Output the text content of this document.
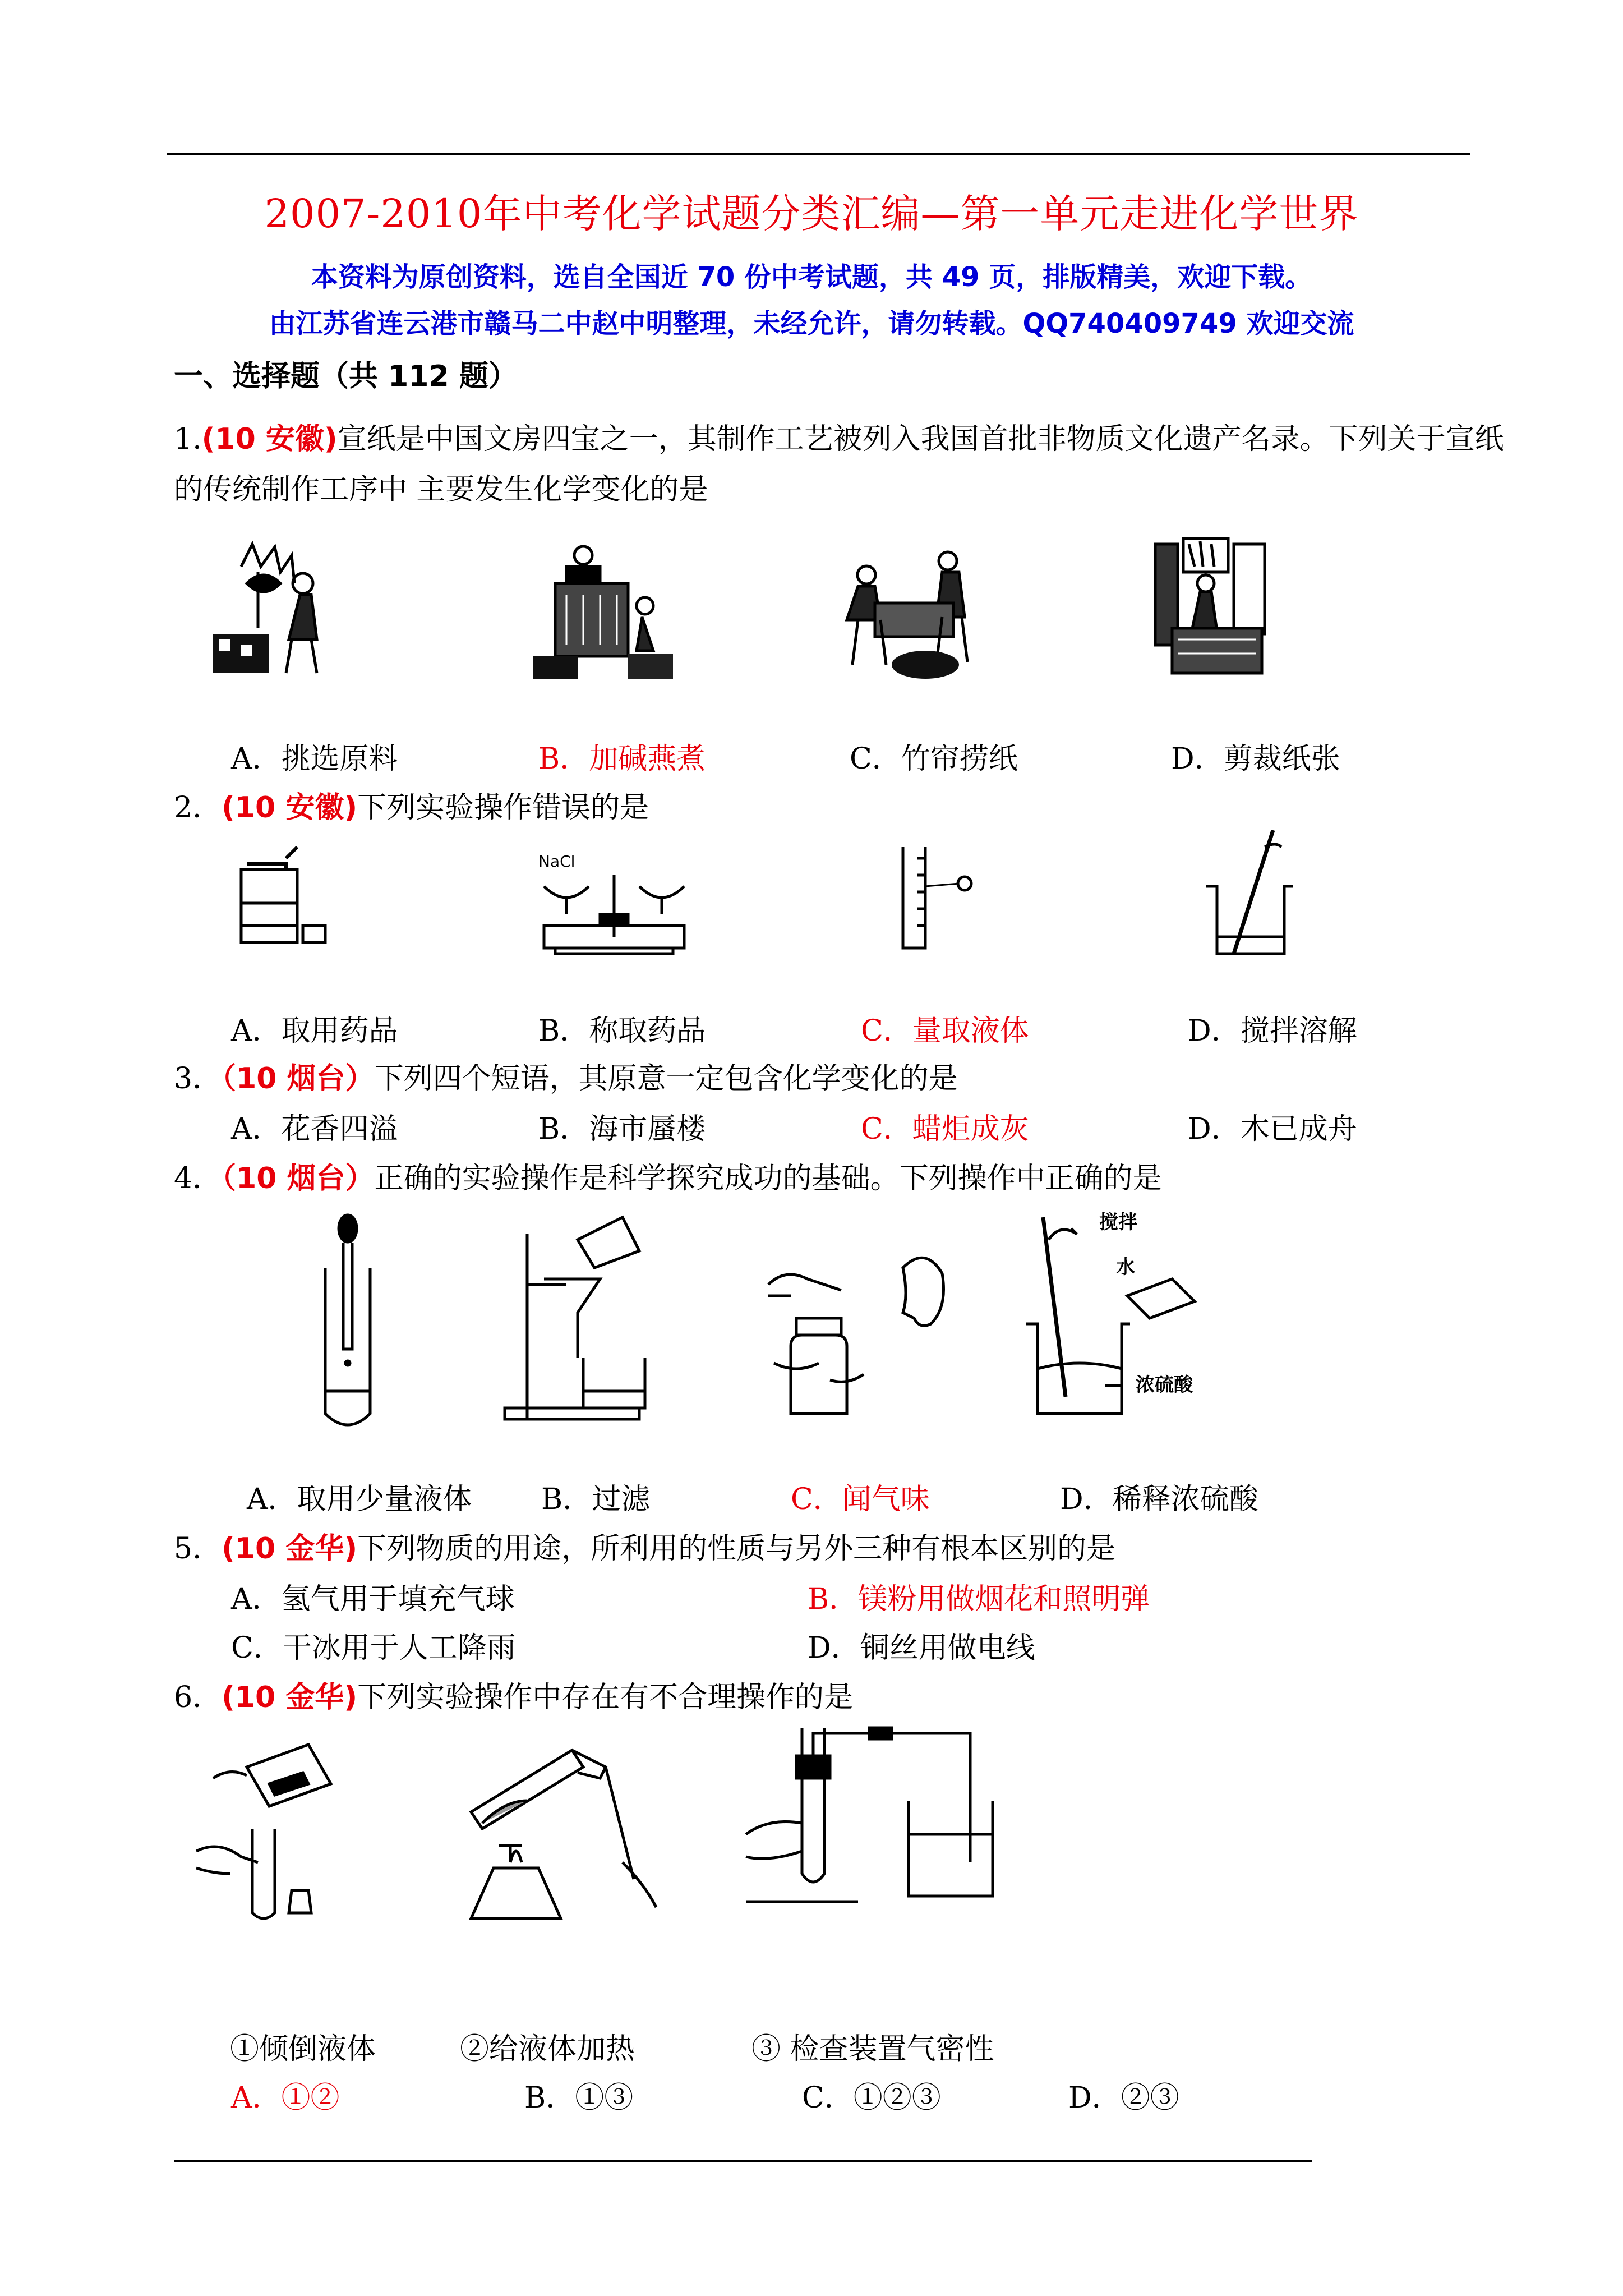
2007-2010年中考化学试题分类汇编—第一单元走进化学世界
本资料为原创资料，选自全国近 70 份中考试题，共 49 页，排版精美，欢迎下载。
由江苏省连云港市赣马二中赵中明整理，未经允许，请勿转载。QQ740409749 欢迎交流
一、选择题（共 112 题）
1.(10 安徽)宣纸是中国文房四宝之一，其制作工艺被列入我国首批非物质文化遗产名录。下列关于宣纸
的传统制作工序中 主要发生化学变化的是
A．挑选原料	B．加碱燕煮	C．竹帘捞纸	D．剪裁纸张
2．(10 安徽)下列实验操作错误的是
NaCl
A．取用药品	B．称取药品	C．量取液体	D．搅拌溶解
3．（10 烟台）下列四个短语，其原意一定包含化学变化的是
A．花香四溢	B．海市蜃楼	C．蜡炬成灰	D．木已成舟
4．（10 烟台）正确的实验操作是科学探究成功的基础。下列操作中正确的是
搅拌
水
浓硫酸
A．取用少量液体 B．过滤	C．闻气味	D．稀释浓硫酸
5．(10 金华)下列物质的用途，所利用的性质与另外三种有根本区别的是
A．氢气用于填充气球	B．镁粉用做烟花和照明弹
C．干冰用于人工降雨	D．铜丝用做电线
6．(10 金华)下列实验操作中存在有不合理操作的是
①倾倒液体	②给液体加热	③ 检查装置气密性
A．①②	B．①③	C．①②③	D．②③
